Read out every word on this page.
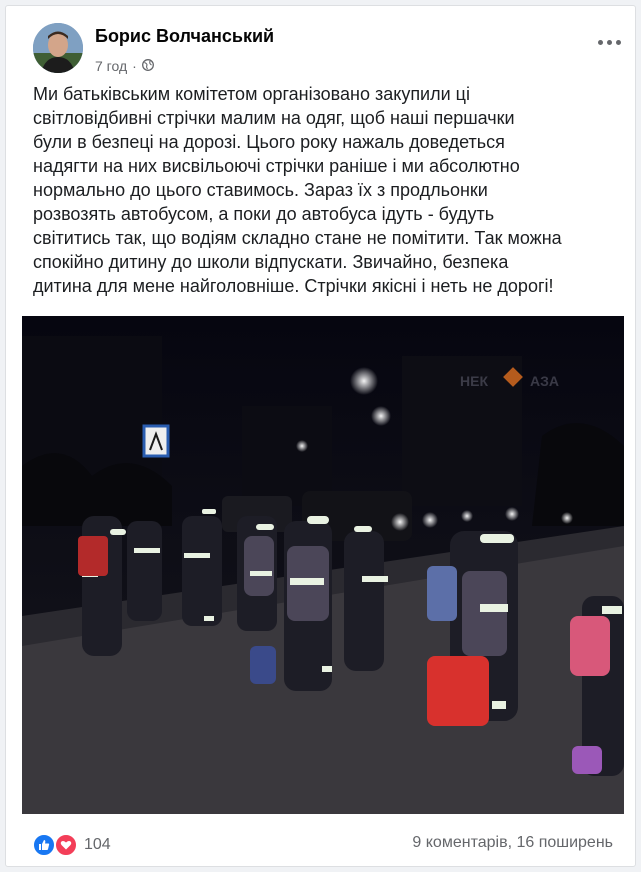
Борис Волчанський
7 год ·
Ми батьківським комітетом організовано закупили ці
світловідбивні стрічки малим на одяг, щоб наші першачки
були в безпеці на дорозі. Цього року нажаль доведеться
надягти на них висвільоючі стрічки раніше і ми абсолютно
нормально до цього ставимось. Зараз їх з продльонки
розвозять автобусом, а поки до автобуса ідуть - будуть
світитись так, що водіям складно стане не помітити. Так можна
спокійно дитину до школи відпускати. Звичайно, безпека
дитина для мене найголовніше. Стрічки якісні і неть не дорогі!
НЕК	АЗА
104	9 коментарів, 16 поширень
